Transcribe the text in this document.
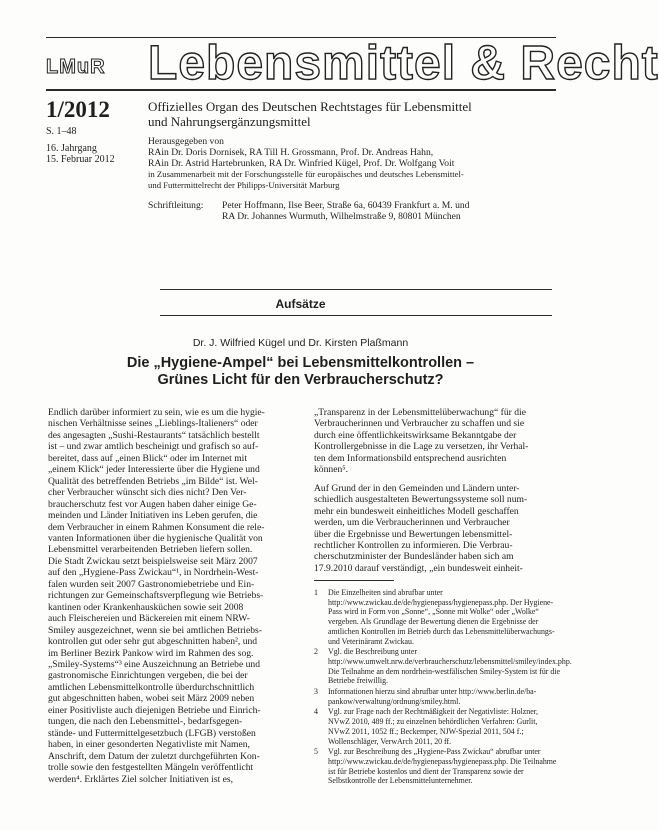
LMuR Lebensmittel & Recht
1/2012
S. 1–48
16. Jahrgang
15. Februar 2012
Offizielles Organ des Deutschen Rechtstages für Lebensmittel
und Nahrungsergänzungsmittel
Herausgegeben von
RAin Dr. Doris Dornisek, RA Till H. Grossmann, Prof. Dr. Andreas Hahn,
RAin Dr. Astrid Hartebrunken, RA Dr. Winfried Kügel, Prof. Dr. Wolfgang Voit
in Zusammenarbeit mit der Forschungsstelle für europäisches und deutsches Lebensmittel-
und Futtermittelrecht der Philipps-Universität Marburg
Schriftleitung: Peter Hoffmann, Ilse Beer, Straße 6a, 60439 Frankfurt a. M. und
RA Dr. Johannes Wurmuth, Wilhelmstraße 9, 80801 München
Aufsätze
Dr. J. Wilfried Kügel und Dr. Kirsten Plaßmann
Die „Hygiene-Ampel“ bei Lebensmittelkontrollen –
Grünes Licht für den Verbraucherschutz?
Endlich darüber informiert zu sein, wie es um die hygie-
nischen Verhältnisse seines „Lieblings-Italieners“ oder
des angesagten „Sushi-Restaurants“ tatsächlich bestellt
ist – und zwar amtlich bescheinigt und grafisch so auf-
bereitet, dass auf „einen Blick“ oder im Internet mit
„einem Klick“ jeder Interessierte über die Hygiene und
Qualität des betreffenden Betriebs „im Bilde“ ist. Wel-
cher Verbraucher wünscht sich dies nicht? Den Ver-
braucherschutz fest vor Augen haben daher einige Ge-
meinden und Länder Initiativen ins Leben gerufen, die
dem Verbraucher in einem Rahmen Konsument die rele-
vanten Informationen über die hygienische Qualität von
Lebensmittel verarbeitenden Betrieben liefern sollen.
Die Stadt Zwickau setzt beispielsweise seit März 2007
auf den „Hygiene-Pass Zwickau“¹, in Nordrhein-West-
falen wurden seit 2007 Gastronomiebetriebe und Ein-
richtungen zur Gemeinschaftsverpflegung wie Betriebs-
kantinen oder Krankenhausküchen sowie seit 2008
auch Fleischereien und Bäckereien mit einem NRW-
Smiley ausgezeichnet, wenn sie bei amtlichen Betriebs-
kontrollen gut oder sehr gut abgeschnitten haben², und
im Berliner Bezirk Pankow wird im Rahmen des sog.
„Smiley-Systems“³ eine Auszeichnung an Betriebe und
gastronomische Einrichtungen vergeben, die bei der
amtlichen Lebensmittelkontrolle überdurchschnittlich
gut abgeschnitten haben, wobei seit März 2009 neben
einer Positivliste auch diejenigen Betriebe und Einrich-
tungen, die nach den Lebensmittel-, bedarfsgegen-
stände- und Futtermittelgesetzbuch (LFGB) verstoßen
haben, in einer gesonderten Negativliste mit Namen,
Anschrift, dem Datum der zuletzt durchgeführten Kon-
trolle sowie den festgestellten Mängeln veröffentlicht
werden⁴. Erklärtes Ziel solcher Initiativen ist es,
„Transparenz in der Lebensmittelüberwachung“ für die
Verbraucherinnen und Verbraucher zu schaffen und sie
durch eine öffentlichkeitswirksame Bekanntgabe der
Kontrollergebnisse in die Lage zu versetzen, ihr Verhal-
ten dem Informationsbild entsprechend ausrichten
können⁵.
Auf Grund der in den Gemeinden und Ländern unter-
schiedlich ausgestalteten Bewertungssysteme soll num-
mehr ein bundesweit einheitliches Modell geschaffen
werden, um die Verbraucherinnen und Verbraucher
über die Ergebnisse und Bewertungen lebensmittel-
rechtlicher Kontrollen zu informieren. Die Verbrau-
cherschutzminister der Bundesländer haben sich am
17.9.2010 darauf verständigt, „ein bundesweit einheit-
1	Die Einzelheiten sind abrufbar unter http://www.zwickau.de/de/hygienepass/hygienepass.php. Der Hygiene-Pass wird in Form von „Sonne“, „Sonne mit Wolke“ oder „Wolke“ vergeben. Als Grundlage der Bewertung dienen die Ergebnisse der amtlichen Kontrollen im Betrieb durch das Lebensmittelüberwachungs- und Veterinäramt Zwickau.
2	Vgl. die Beschreibung unter http://www.umwelt.nrw.de/verbraucherschutz/lebensmittel/smiley/index.php. Die Teilnahme an dem nordrhein-westfälischen Smiley-System ist für die Betriebe freiwillig.
3	Informationen hierzu sind abrufbar unter http://www.berlin.de/ba-pankow/verwaltung/ordnung/smiley.html.
4	Vgl. zur Frage nach der Rechtmäßigkeit der Negativliste: Holzner, NVwZ 2010, 489 ff.; zu einzelnen behördlichen Verfahren: Gurlit, NVwZ 2011, 1052 ff.; Beckemper, NJW-Spezial 2011, 504 f.; Wollenschläger, VerwArch 2011, 20 ff.
5	Vgl. zur Beschreibung des „Hygiene-Pass Zwickau“ abrufbar unter http://www.zwickau.de/de/hygienepass/hygienepass.php. Die Teilnahme ist für Betriebe kostenlos und dient der Transparenz sowie der Selbstkontrolle der Lebensmittelunternehmer.
